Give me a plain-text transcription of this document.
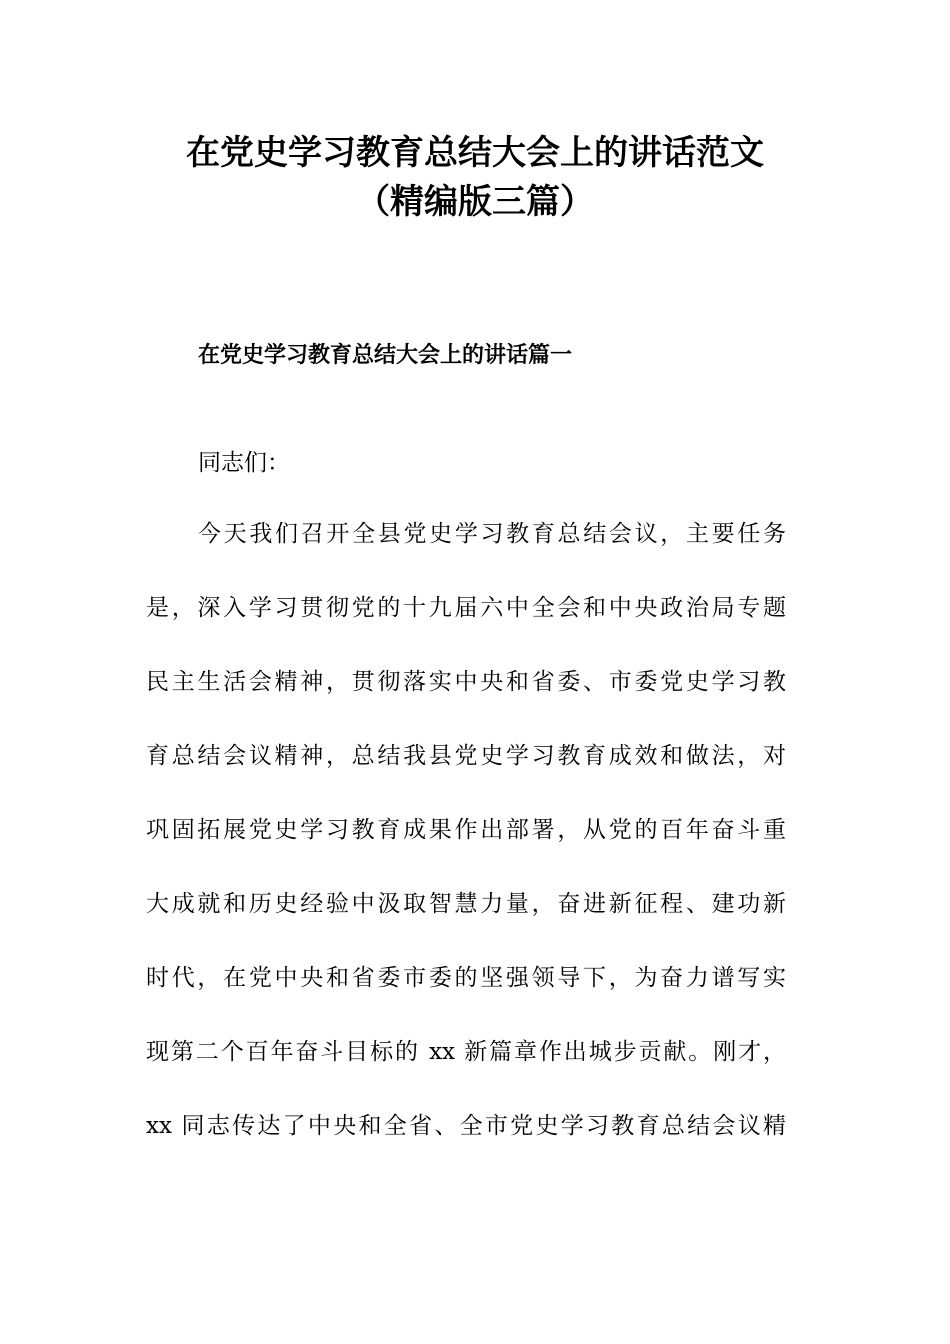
在党史学习教育总结大会上的讲话范文
（精编版三篇）
在党史学习教育总结大会上的讲话篇一
同志们：
今天我们召开全县党史学习教育总结会议，主要任务
是，深入学习贯彻党的十九届六中全会和中央政治局专题
民主生活会精神，贯彻落实中央和省委、市委党史学习教
育总结会议精神，总结我县党史学习教育成效和做法，对
巩固拓展党史学习教育成果作出部署，从党的百年奋斗重
大成就和历史经验中汲取智慧力量，奋进新征程、建功新
时代，在党中央和省委市委的坚强领导下，为奋力谱写实
现第二个百年奋斗目标的 xx 新篇章作出城步贡献。刚才，
xx 同志传达了中央和全省、全市党史学习教育总结会议精
